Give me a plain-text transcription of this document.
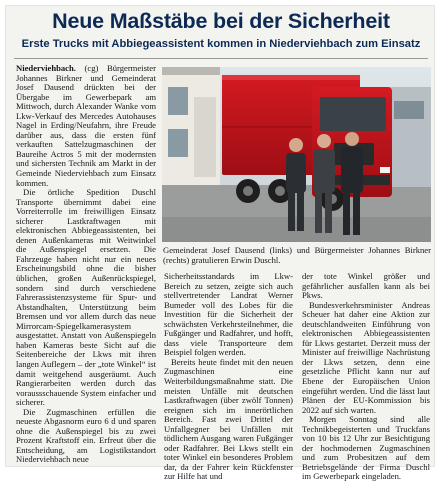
Neue Maßstäbe bei der Sicherheit
Erste Trucks mit Abbiegeassistent kommen in Niederviehbach zum Einsatz
Gemeinderat Josef Dausend (links) und Bürgermeister Johannes Birkner (rechts) gratulieren Erwin Duschl.

Niederviehbach. (cg) Bürgermeister Johannes Birkner und Gemeinderat Josef Dausend drückten bei der Übergabe im Gewerbepark am Mittwoch, durch Alexander Wanke vom Lkw-Verkauf des Mercedes Autohauses Nagel in Erding/Neufahrn, ihre Freude darüber aus, dass die ersten fünf verkauften Sattelzugmaschinen der Baureihe Actros 5 mit der modernsten und sichersten Technik am Markt in der Gemeinde Niederviehbach zum Einsatz kommen.

Die örtliche Spedition Duschl Transporte übernimmt dabei eine Vorreiterrolle im freiwilligen Einsatz sicherer Lastkraftwagen mit elektronischen Abbiegeassistenten, bei denen Außenkameras mit Weitwinkel die Außenspiegel ersetzen. Die Fahrzeuge haben nicht nur ein neues Erscheinungsbild ohne die bisher üblichen, großen Außenrückspiegel, sondern sind durch verschiedene Fahrerassistenzsysteme für Spur- und Abstandhalten, Unterstützung beim Bremsen und vor allem durch das neue Mirrorcam-Spiegelkamerasystem ausgestattet. Anstatt von Außenspiegeln haben Kameras beste Sicht auf die Seitenbereiche der Lkws mit ihren langen Auflegern – der „tote Winkel“ ist damit weitgehend ausgeräumt. Auch Rangierarbeiten werden durch das voraussschauende System einfacher und sicherer.

Die Zugmaschinen erfüllen die neueste Abgasnorm euro 6 d und sparen ohne die Außenspiegel bis zu zwei Prozent Kraftstoff ein. Erfreut über die Entscheidung, am Logistikstandort Niederviehbach neue

Sicherheitsstandards im Lkw-Bereich zu setzen, zeigte sich auch stellvertretender Landrat Werner Bumeder voll des Lobes für die Investition für die Sicherheit der schwächsten Verkehrsteilnehmer, die Fußgänger und Radfahrer, und hofft, dass viele Transporteure dem Beispiel folgen werden.

Bereits heute findet mit den neuen Zugmaschinen eine Weiterbildungsmaßnahme statt. Die meisten Unfälle mit deutschen Lastkraftwagen (über zwölf Tonnen) ereignen sich im innerörtlichen Bereich. Fast zwei Drittel der Unfallgegner bei Unfällen mit tödlichem Ausgang waren Fußgänger oder Radfahrer. Bei Lkws stellt ein toter Winkel ein besonderes Problem dar, da der Fahrer kein Rückfenster zur Hilfe hat und

der tote Winkel größer und gefährlicher ausfallen kann als bei Pkws.

Bundesverkehrsminister Andreas Scheuer hat daher eine Aktion zur deutschlandweiten Einführung von elektronischen Abbiegeassistenten für Lkws gestartet. Derzeit muss der Minister auf freiwillige Nachrüstung der Lkws setzen, denn eine gesetzliche Pflicht kann nur auf Ebene der Europäischen Union eingeführt werden. Und die lässt laut Plänen der EU-Kommission bis 2022 auf sich warten.

Morgen Sonntag sind alle Technikbegeisterten und Truckfans von 10 bis 12 Uhr zur Besichtigung der hochmodernen Zugmaschinen und zum Probesitzen auf dem Betriebsgelände der Firma Duschl im Gewerbepark eingeladen.
